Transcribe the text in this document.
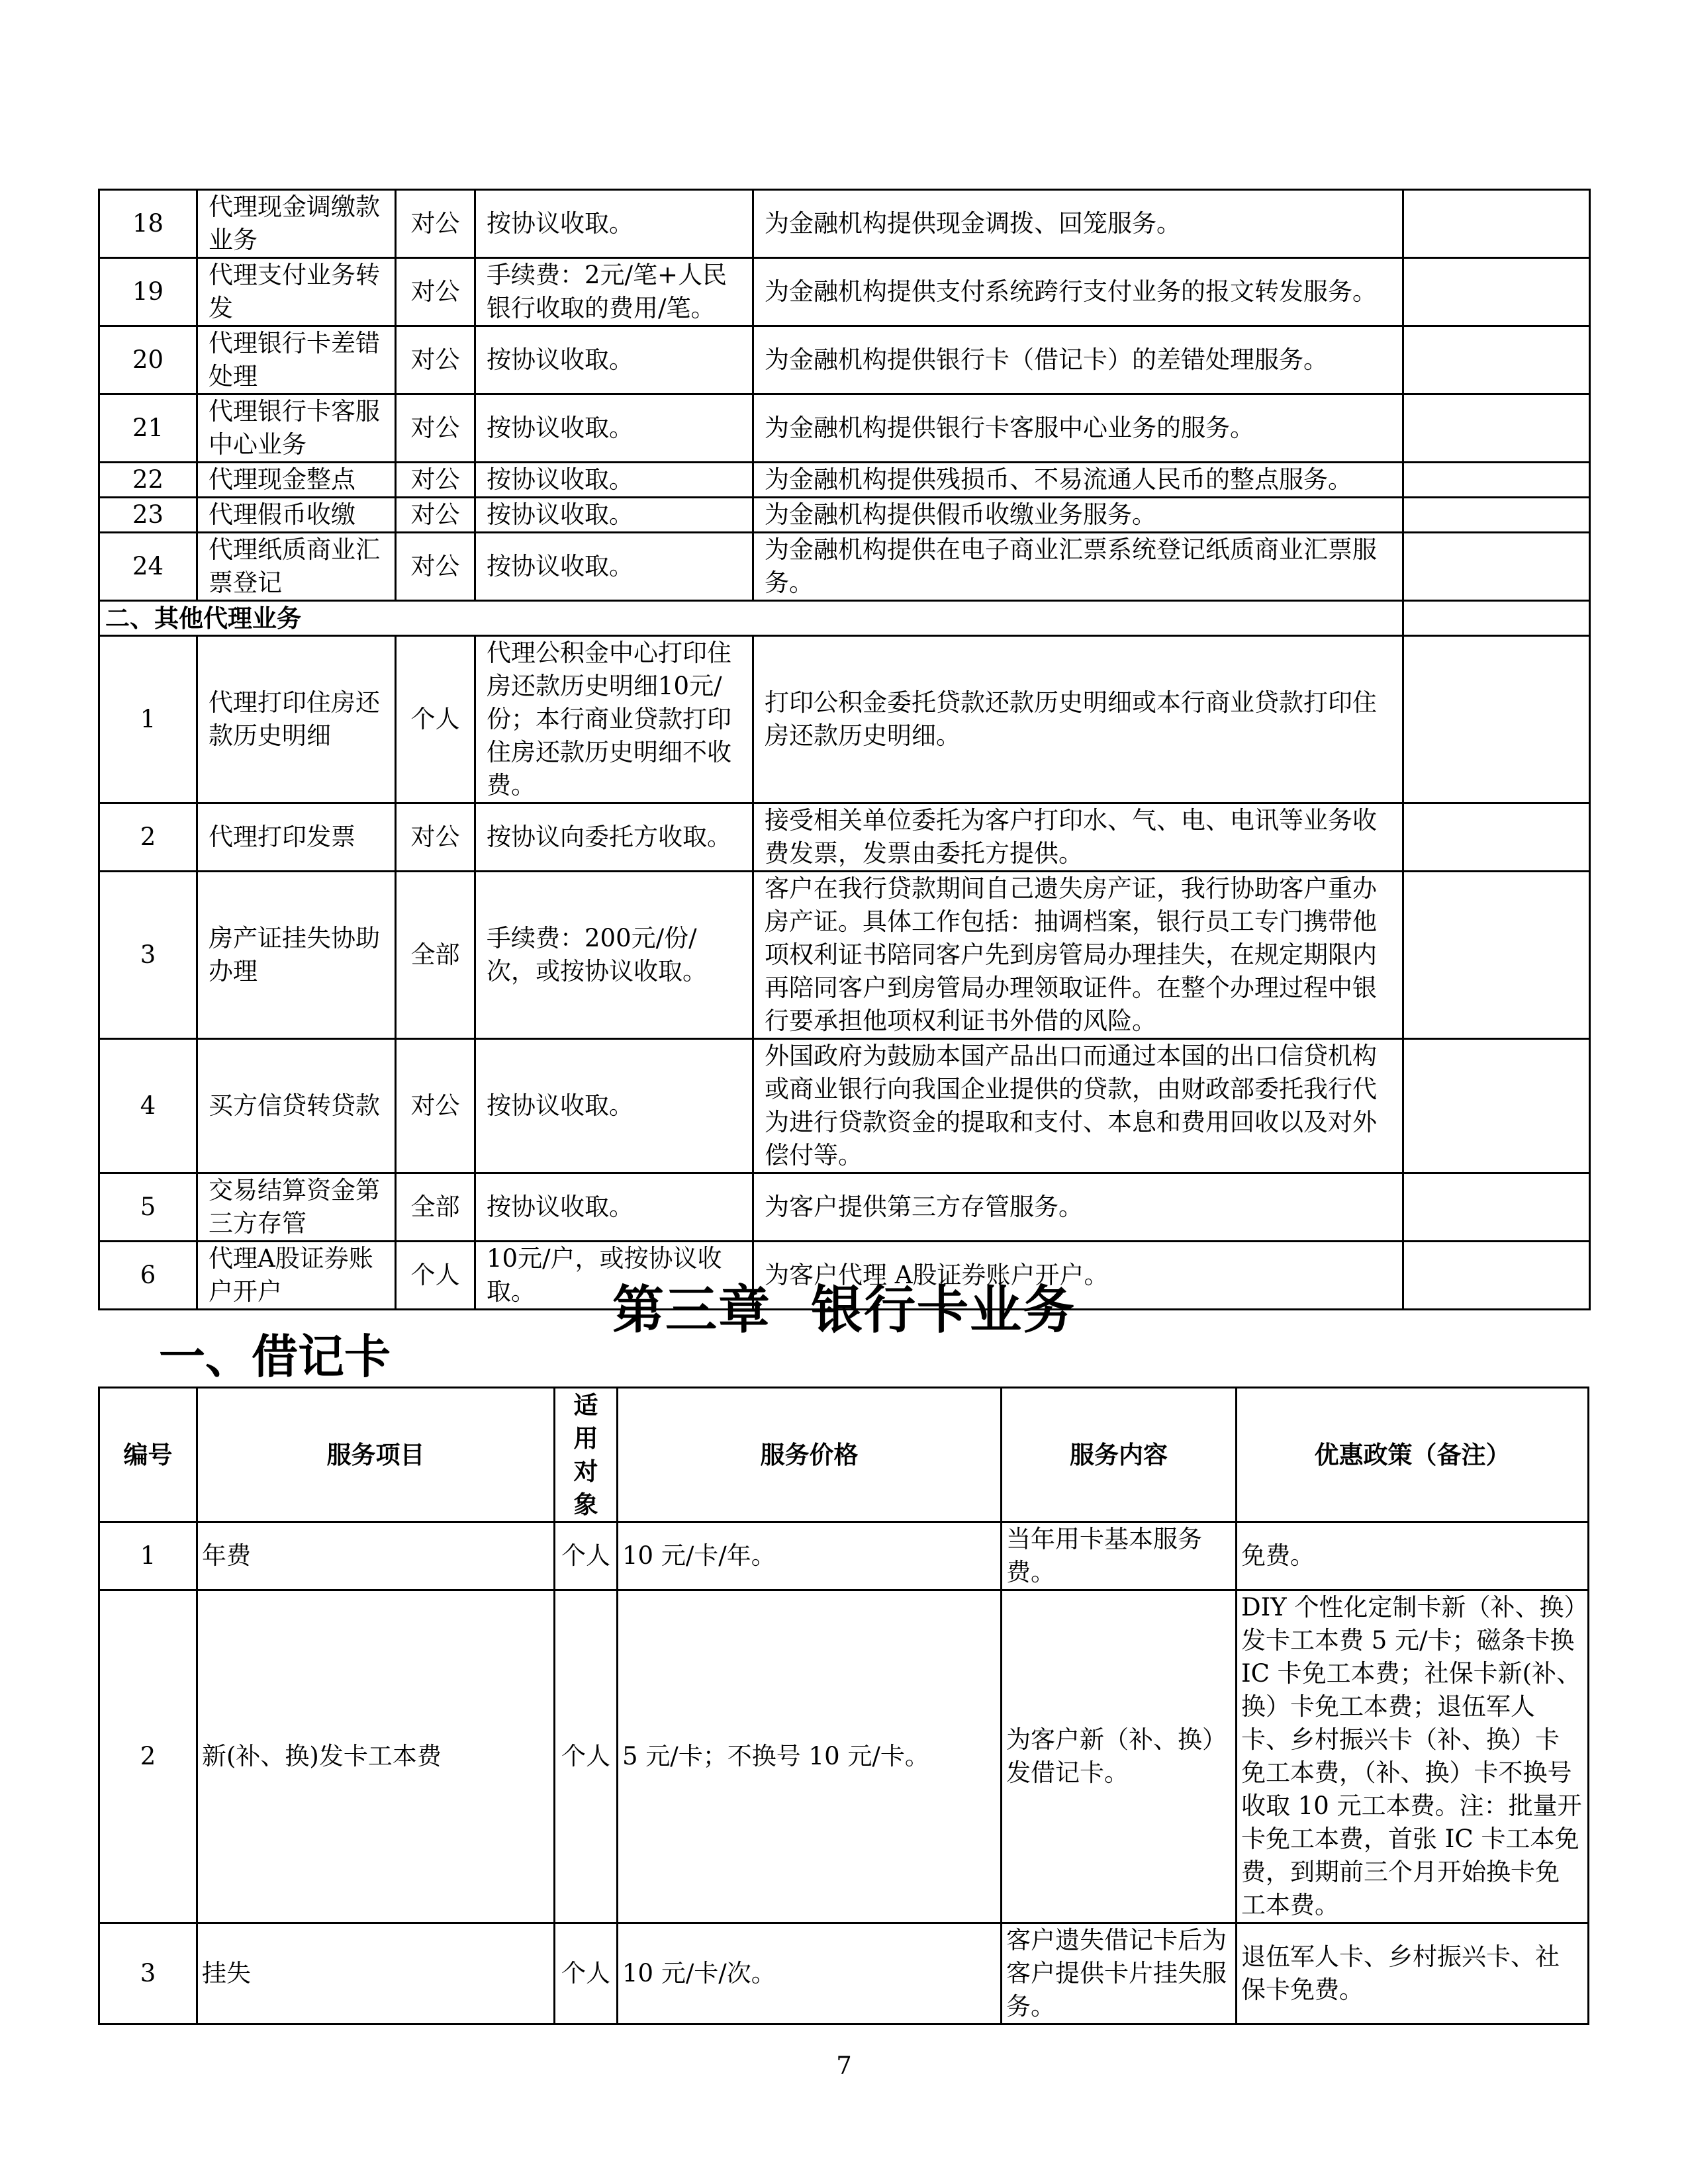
18	代理现金调缴款业务	对公	按协议收取。	为金融机构提供现金调拨、回笼服务。	
19	代理支付业务转发	对公	手续费：2元/笔+人民银行收取的费用/笔。	为金融机构提供支付系统跨行支付业务的报文转发服务。	
20	代理银行卡差错处理	对公	按协议收取。	为金融机构提供银行卡（借记卡）的差错处理服务。	
21	代理银行卡客服中心业务	对公	按协议收取。	为金融机构提供银行卡客服中心业务的服务。	
22	代理现金整点	对公	按协议收取。	为金融机构提供残损币、不易流通人民币的整点服务。	
23	代理假币收缴	对公	按协议收取。	为金融机构提供假币收缴业务服务。	
24	代理纸质商业汇票登记	对公	按协议收取。	为金融机构提供在电子商业汇票系统登记纸质商业汇票服务。	
二、其他代理业务					
1	代理打印住房还款历史明细	个人	代理公积金中心打印住房还款历史明细10元/份；本行商业贷款打印住房还款历史明细不收费。	打印公积金委托贷款还款历史明细或本行商业贷款打印住房还款历史明细。	
2	代理打印发票	对公	按协议向委托方收取。	接受相关单位委托为客户打印水、气、电、电讯等业务收费发票，发票由委托方提供。	
3	房产证挂失协助办理	全部	手续费：200元/份/次，或按协议收取。	客户在我行贷款期间自己遗失房产证，我行协助客户重办房产证。具体工作包括：抽调档案，银行员工专门携带他项权利证书陪同客户先到房管局办理挂失，在规定期限内再陪同客户到房管局办理领取证件。在整个办理过程中银行要承担他项权利证书外借的风险。	
4	买方信贷转贷款	对公	按协议收取。	外国政府为鼓励本国产品出口而通过本国的出口信贷机构或商业银行向我国企业提供的贷款，由财政部委托我行代为进行贷款资金的提取和支付、本息和费用回收以及对外偿付等。	
5	交易结算资金第三方存管	全部	按协议收取。	为客户提供第三方存管服务。	
6	代理A股证券账户开户	个人	10元/户，或按协议收取。	为客户代理 A股证券账户开户。	
第三章 银行卡业务
一、借记卡
编号	服务项目	适用对象	服务价格	服务内容	优惠政策（备注）
1	年费	个人	10 元/卡/年。	当年用卡基本服务费。	免费。
2	新(补、换)发卡工本费	个人	5 元/卡；不换号 10 元/卡。	为客户新（补、换）发借记卡。	DIY 个性化定制卡新（补、换）发卡工本费 5 元/卡；磁条卡换 IC 卡免工本费；社保卡新(补、换）卡免工本费；退伍军人卡、乡村振兴卡（补、换）卡免工本费，（补、换）卡不换号收取 10 元工本费。注：批量开卡免工本费，首张 IC 卡工本免费，到期前三个月开始换卡免工本费。
3	挂失	个人	10 元/卡/次。	客户遗失借记卡后为客户提供卡片挂失服务。	退伍军人卡、乡村振兴卡、社保卡免费。
7
